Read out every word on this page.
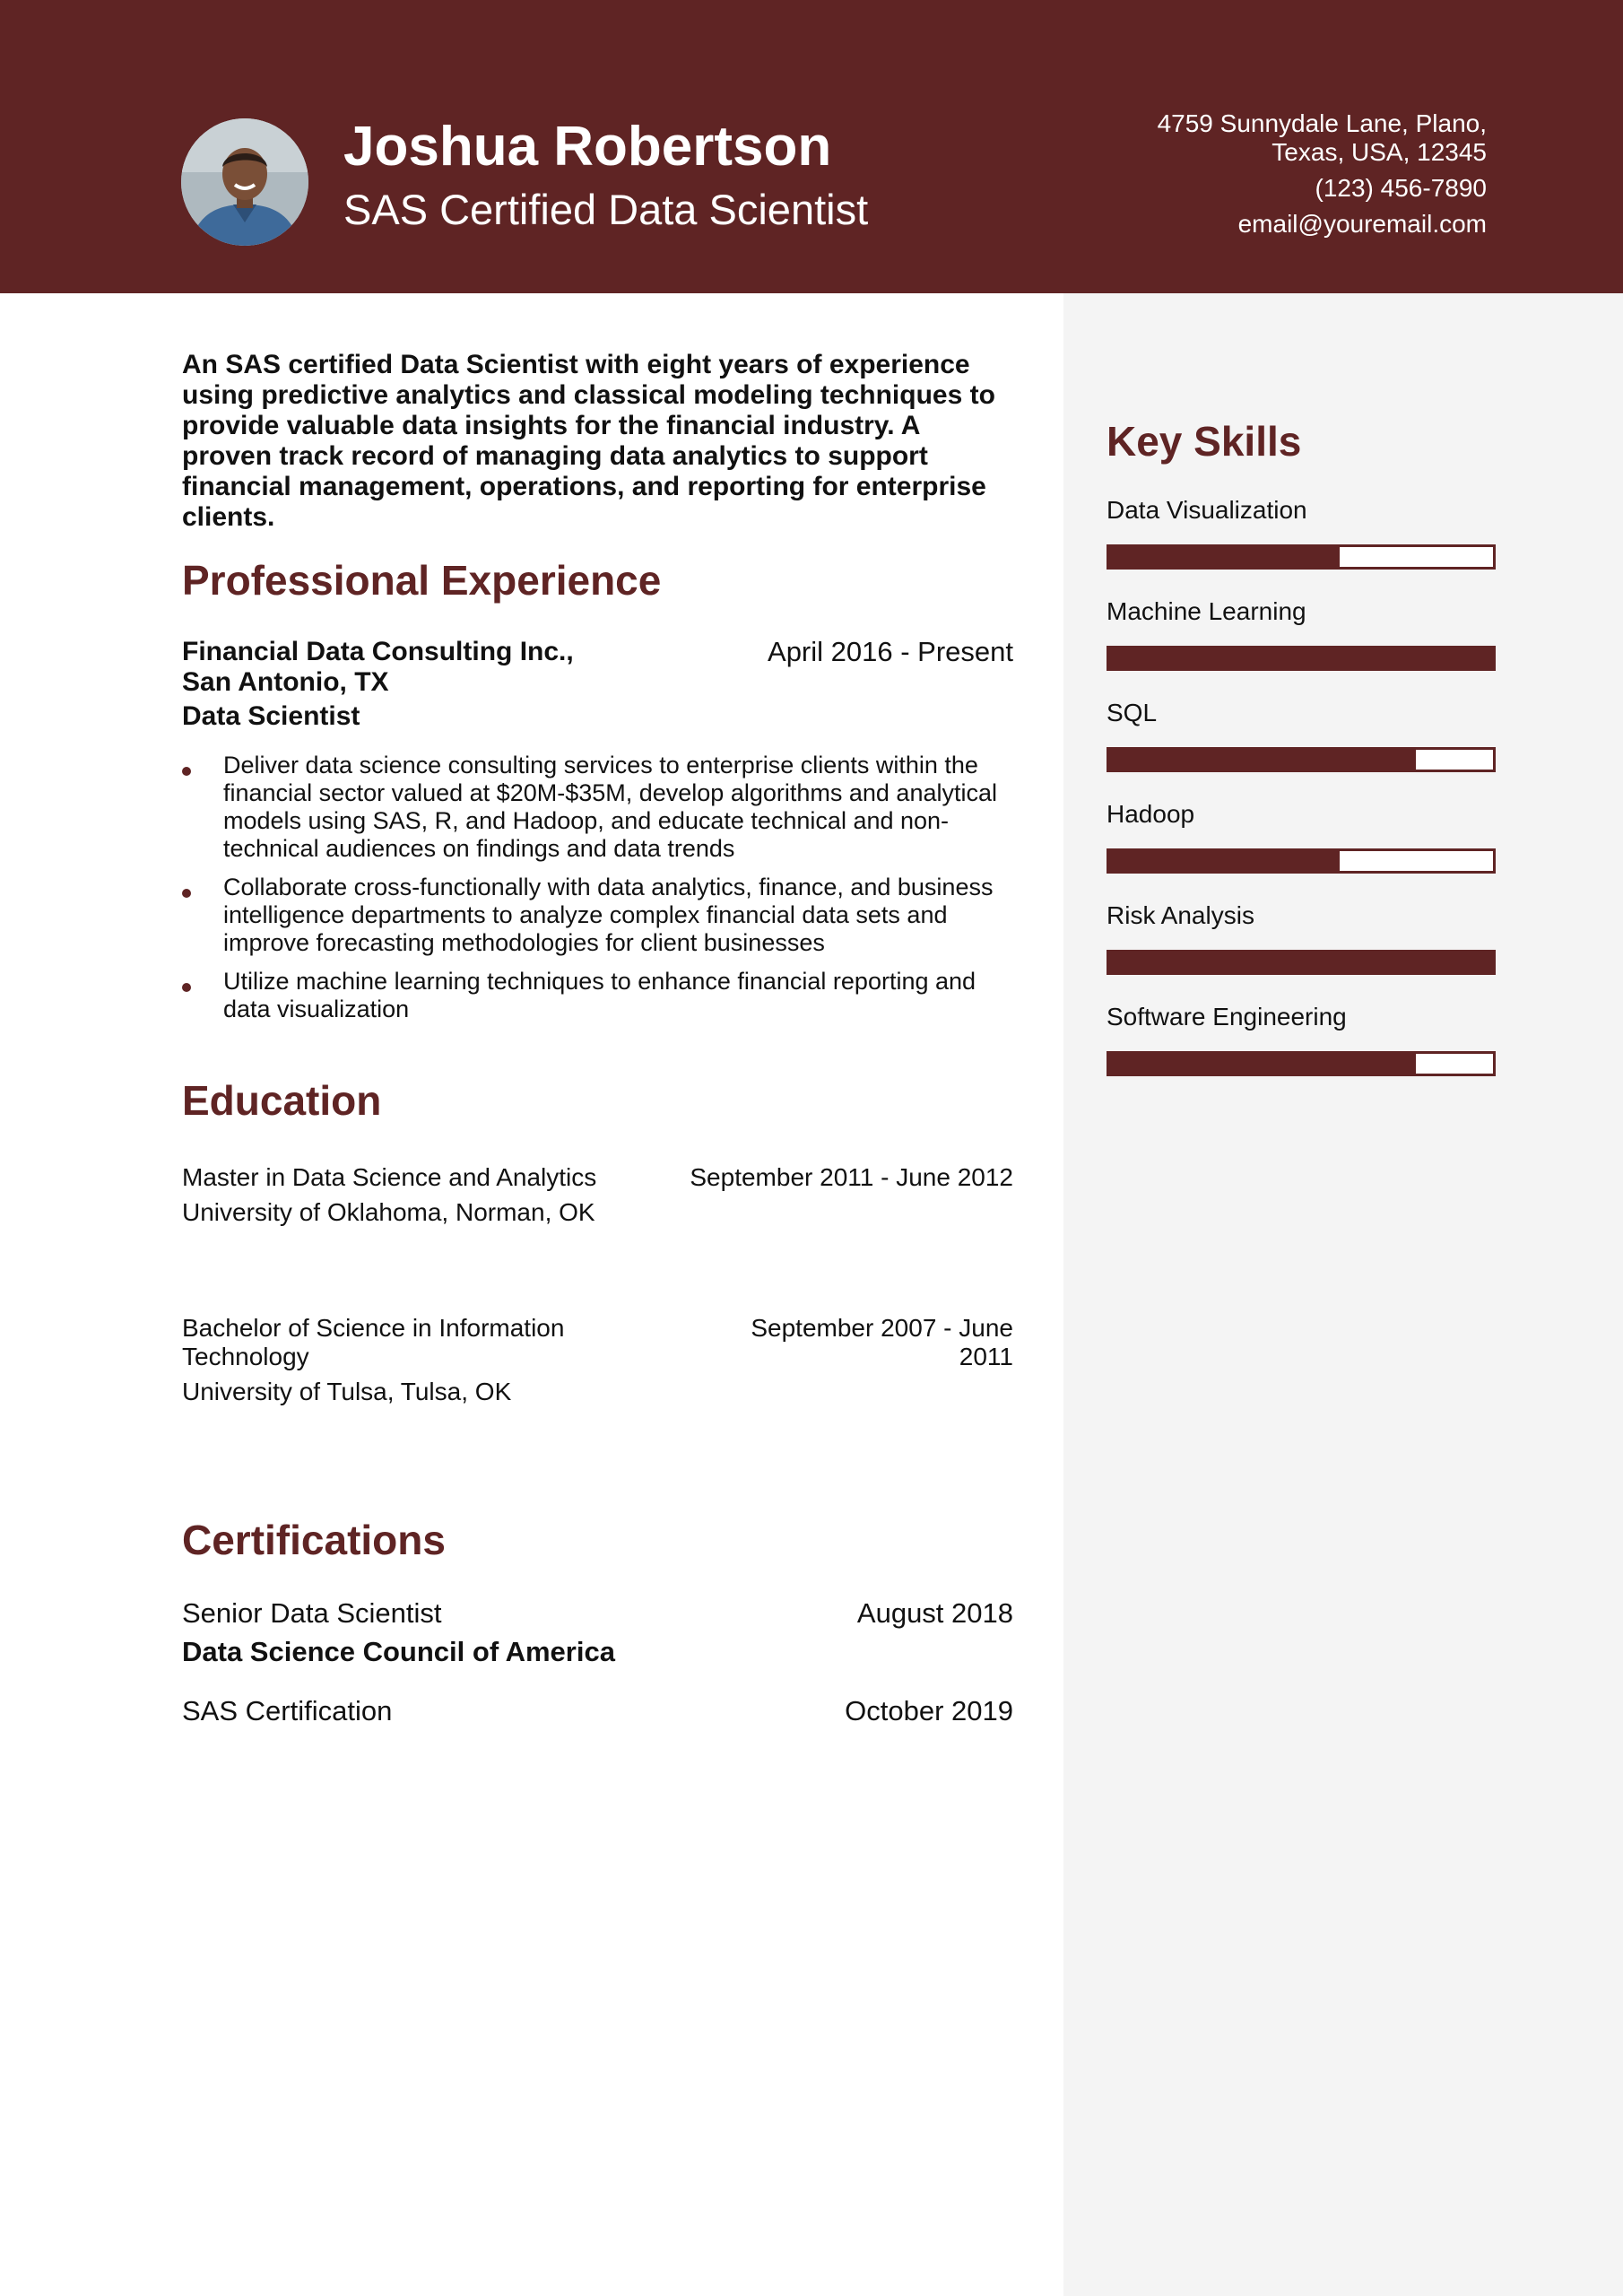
Joshua Robertson
SAS Certified Data Scientist
4759 Sunnydale Lane, Plano,
Texas, USA, 12345
(123) 456-7890
email@youremail.com
An SAS certified Data Scientist with eight years of experience using predictive analytics and classical modeling techniques to provide valuable data insights for the financial industry. A proven track record of managing data analytics to support financial management, operations, and reporting for enterprise clients.
Professional Experience
Financial Data Consulting Inc.,
San Antonio, TX
April 2016 - Present
Data Scientist
Deliver data science consulting services to enterprise clients within the financial sector valued at $20M-$35M, develop algorithms and analytical models using SAS, R, and Hadoop, and educate technical and non-technical audiences on findings and data trends
Collaborate cross-functionally with data analytics, finance, and business intelligence departments to analyze complex financial data sets and improve forecasting methodologies for client businesses
Utilize machine learning techniques to enhance financial reporting and data visualization
Education
Master in Data Science and Analytics	September 2011 - June 2012
University of Oklahoma, Norman, OK
Bachelor of Science in Information Technology
September 2007 - June 2011
University of Tulsa, Tulsa, OK
Certifications
Senior Data Scientist	August 2018
Data Science Council of America
SAS Certification	October 2019
Key Skills
Data Visualization
Machine Learning
SQL
Hadoop
Risk Analysis
Software Engineering
